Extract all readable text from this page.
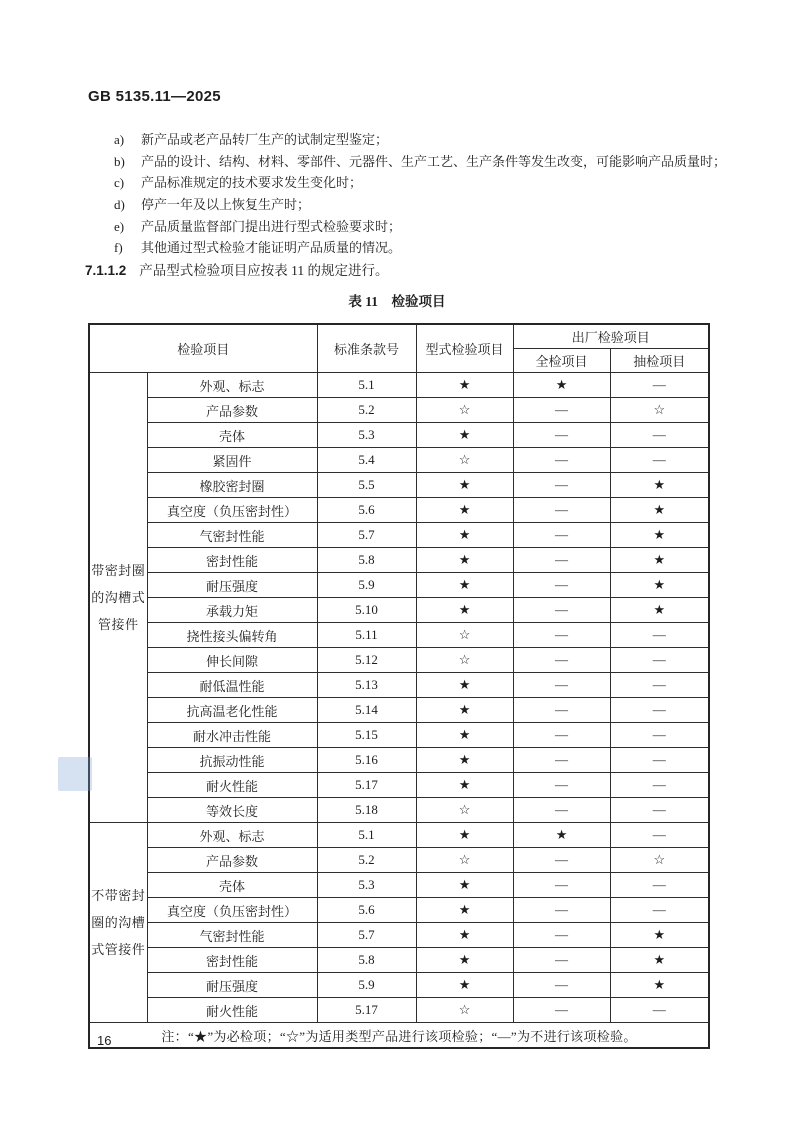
GB 5135.11—2025
a)	新产品或老产品转厂生产的试制定型鉴定；
b)	产品的设计、结构、材料、零部件、元器件、生产工艺、生产条件等发生改变，可能影响产品质量时；
c)	产品标准规定的技术要求发生变化时；
d)	停产一年及以上恢复生产时；
e)	产品质量监督部门提出进行型式检验要求时；
f)	其他通过型式检验才能证明产品质量的情况。
7.1.1.2 产品型式检验项目应按表 11 的规定进行。
表 11　检验项目
检验项目		标准条款号	型式检验项目	出厂检验项目	
				全检项目	抽检项目
带密封圈的沟槽式管接件	外观、标志	5.1	★	★	—
	产品参数	5.2	☆	—	☆
	壳体	5.3	★	—	—
	紧固件	5.4	☆	—	—
	橡胶密封圈	5.5	★	—	★
	真空度（负压密封性）	5.6	★	—	★
	气密封性能	5.7	★	—	★
	密封性能	5.8	★	—	★
	耐压强度	5.9	★	—	★
	承载力矩	5.10	★	—	★
	挠性接头偏转角	5.11	☆	—	—
	伸长间隙	5.12	☆	—	—
	耐低温性能	5.13	★	—	—
	抗高温老化性能	5.14	★	—	—
	耐水冲击性能	5.15	★	—	—
	抗振动性能	5.16	★	—	—
	耐火性能	5.17	★	—	—
	等效长度	5.18	☆	—	—
不带密封圈的沟槽式管接件	外观、标志	5.1	★	★	—
	产品参数	5.2	☆	—	☆
	壳体	5.3	★	—	—
	真空度（负压密封性）	5.6	★	—	—
	气密封性能	5.7	★	—	★
	密封性能	5.8	★	—	★
	耐压强度	5.9	★	—	★
	耐火性能	5.17	☆	—	—
注：“★”为必检项；“☆”为适用类型产品进行该项检验；“—”为不进行该项检验。					
16
